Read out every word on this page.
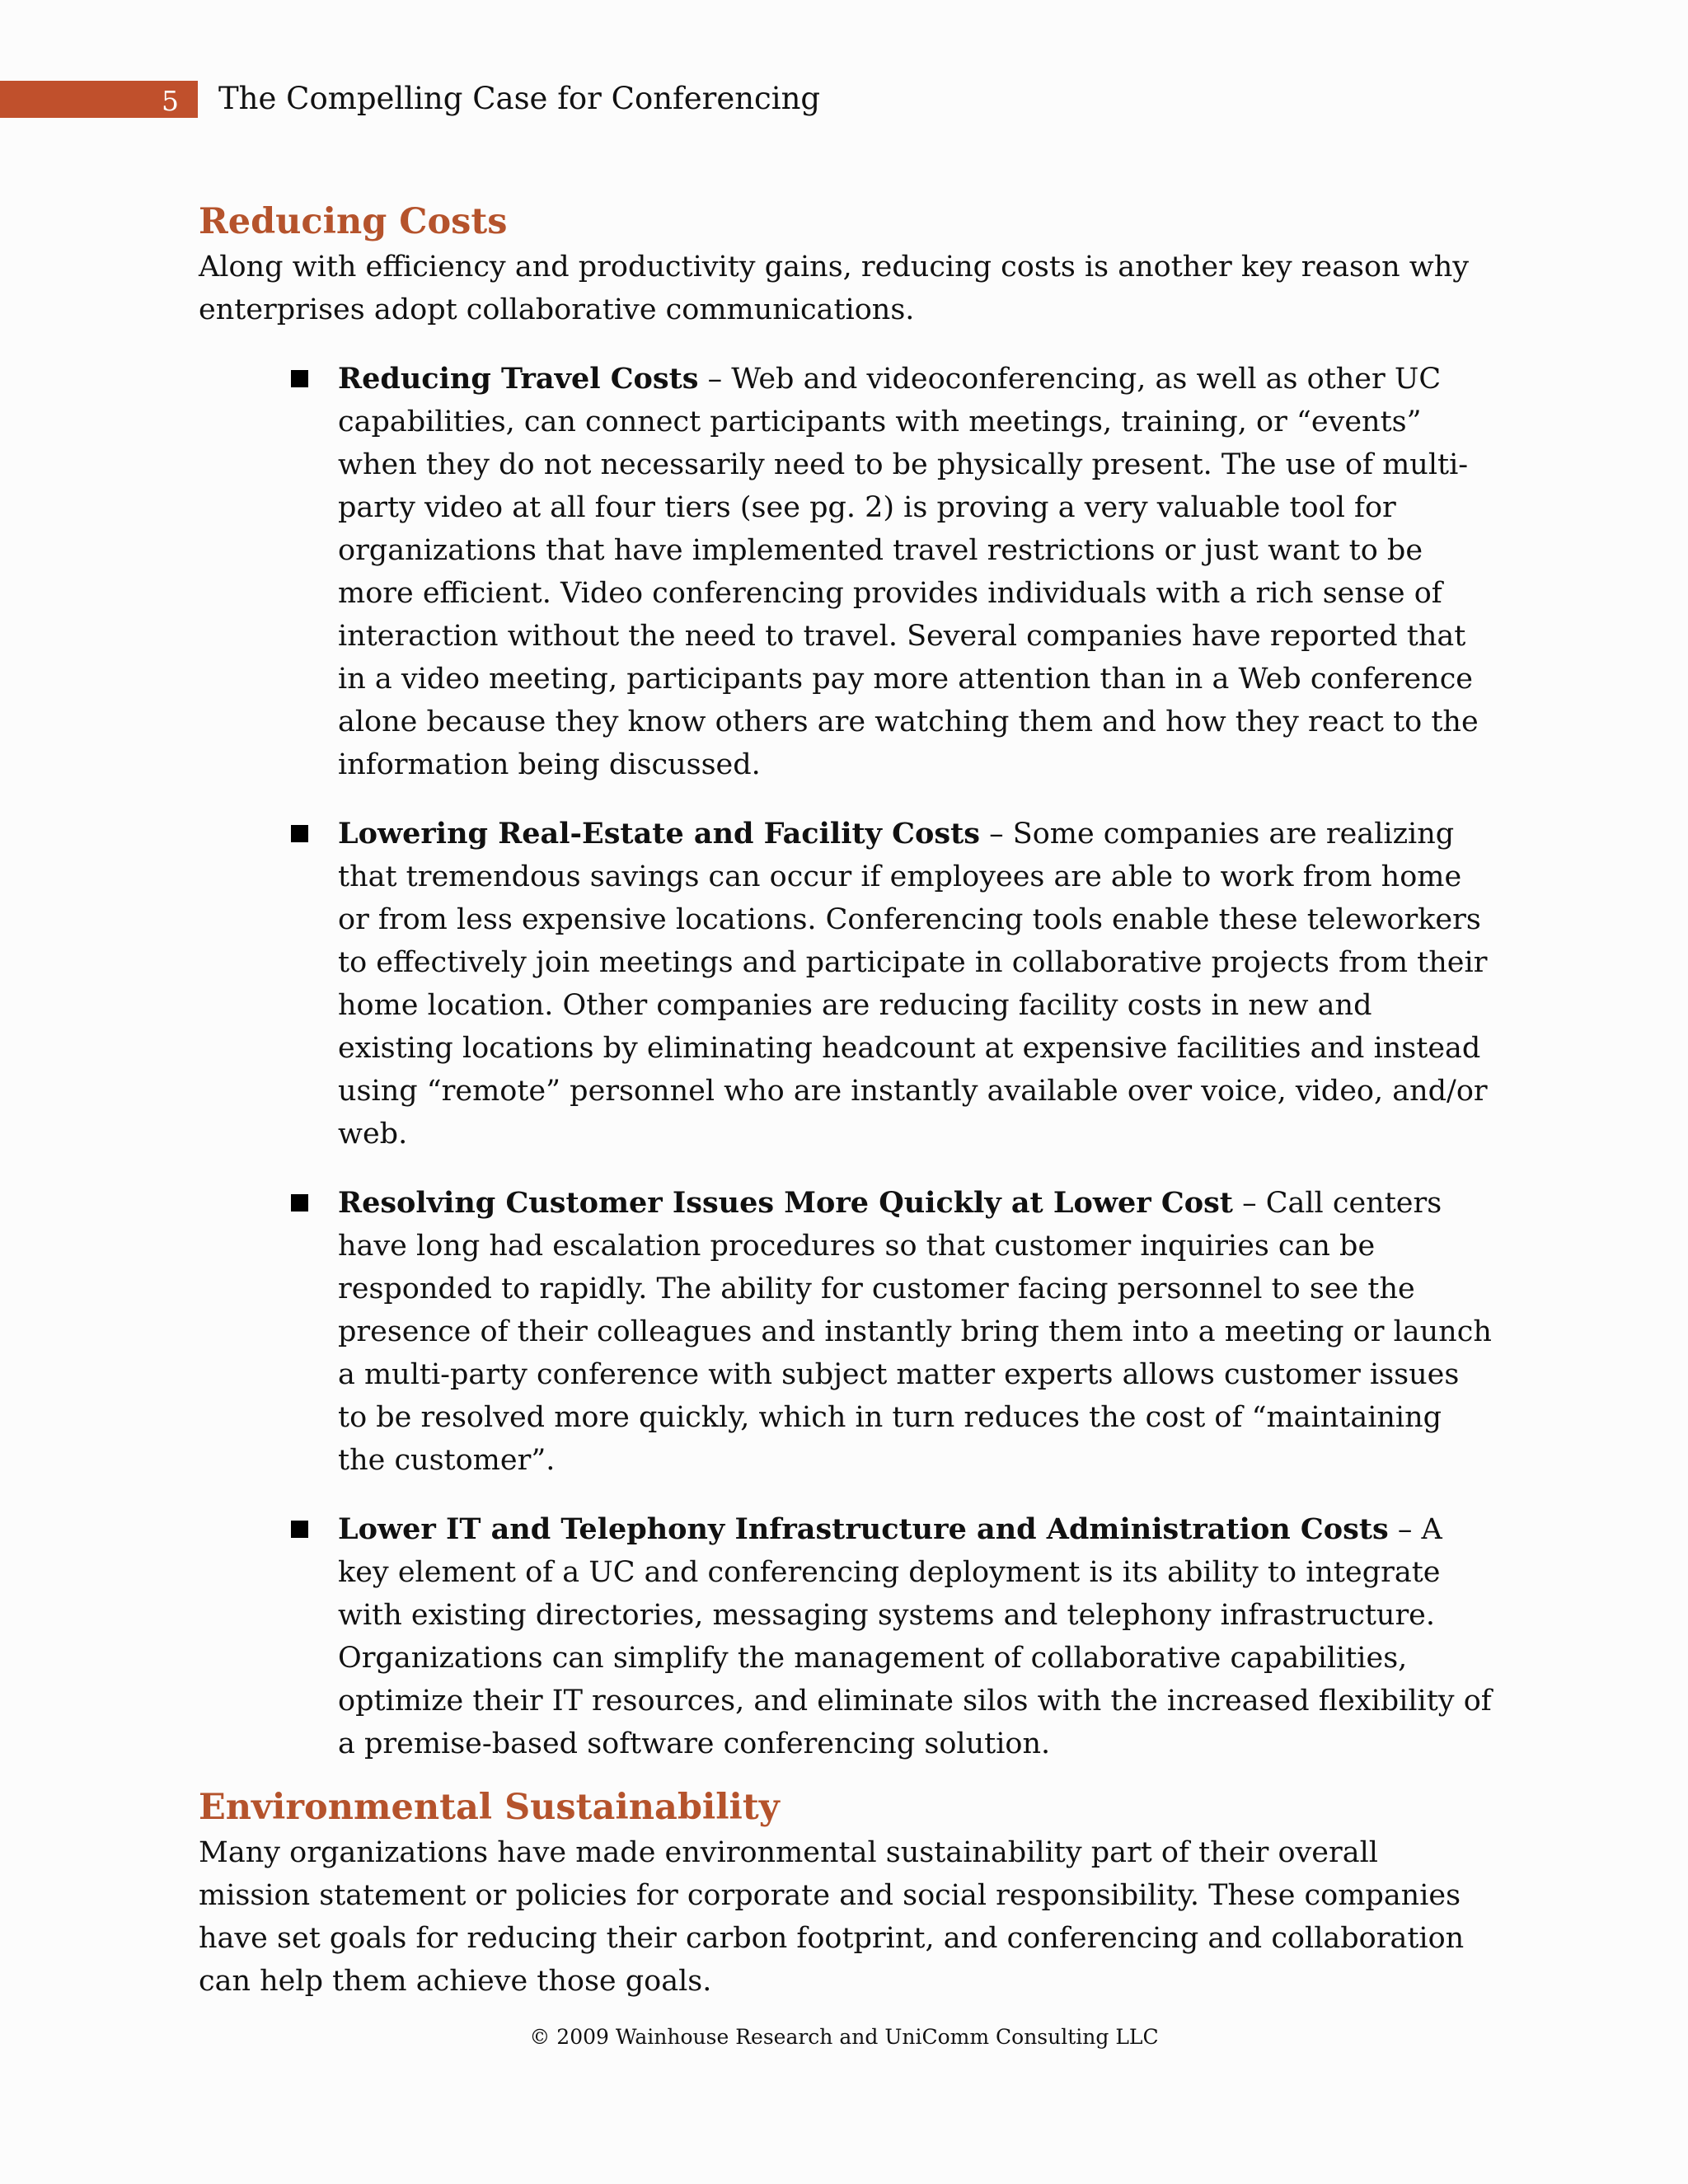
5 The Compelling Case for Conferencing
Reducing Costs

Along with efficiency and productivity gains, reducing costs is another key reason why enterprises adopt collaborative communications.

Reducing Travel Costs – Web and videoconferencing, as well as other UC capabilities, can connect participants with meetings, training, or “events” when they do not necessarily need to be physically present. The use of multi-party video at all four tiers (see pg. 2) is proving a very valuable tool for organizations that have implemented travel restrictions or just want to be more efficient. Video conferencing provides individuals with a rich sense of interaction without the need to travel. Several companies have reported that in a video meeting, participants pay more attention than in a Web conference alone because they know others are watching them and how they react to the information being discussed.
Lowering Real-Estate and Facility Costs – Some companies are realizing that tremendous savings can occur if employees are able to work from home or from less expensive locations. Conferencing tools enable these teleworkers to effectively join meetings and participate in collaborative projects from their home location. Other companies are reducing facility costs in new and existing locations by eliminating headcount at expensive facilities and instead using “remote” personnel who are instantly available over voice, video, and/or web.
Resolving Customer Issues More Quickly at Lower Cost – Call centers have long had escalation procedures so that customer inquiries can be responded to rapidly. The ability for customer facing personnel to see the presence of their colleagues and instantly bring them into a meeting or launch a multi-party conference with subject matter experts allows customer issues to be resolved more quickly, which in turn reduces the cost of “maintaining the customer”.
Lower IT and Telephony Infrastructure and Administration Costs – A key element of a UC and conferencing deployment is its ability to integrate with existing directories, messaging systems and telephony infrastructure. Organizations can simplify the management of collaborative capabilities, optimize their IT resources, and eliminate silos with the increased flexibility of a premise-based software conferencing solution.
Environmental Sustainability

Many organizations have made environmental sustainability part of their overall mission statement or policies for corporate and social responsibility. These companies have set goals for reducing their carbon footprint, and conferencing and collaboration can help them achieve those goals.

© 2009 Wainhouse Research and UniComm Consulting LLC
